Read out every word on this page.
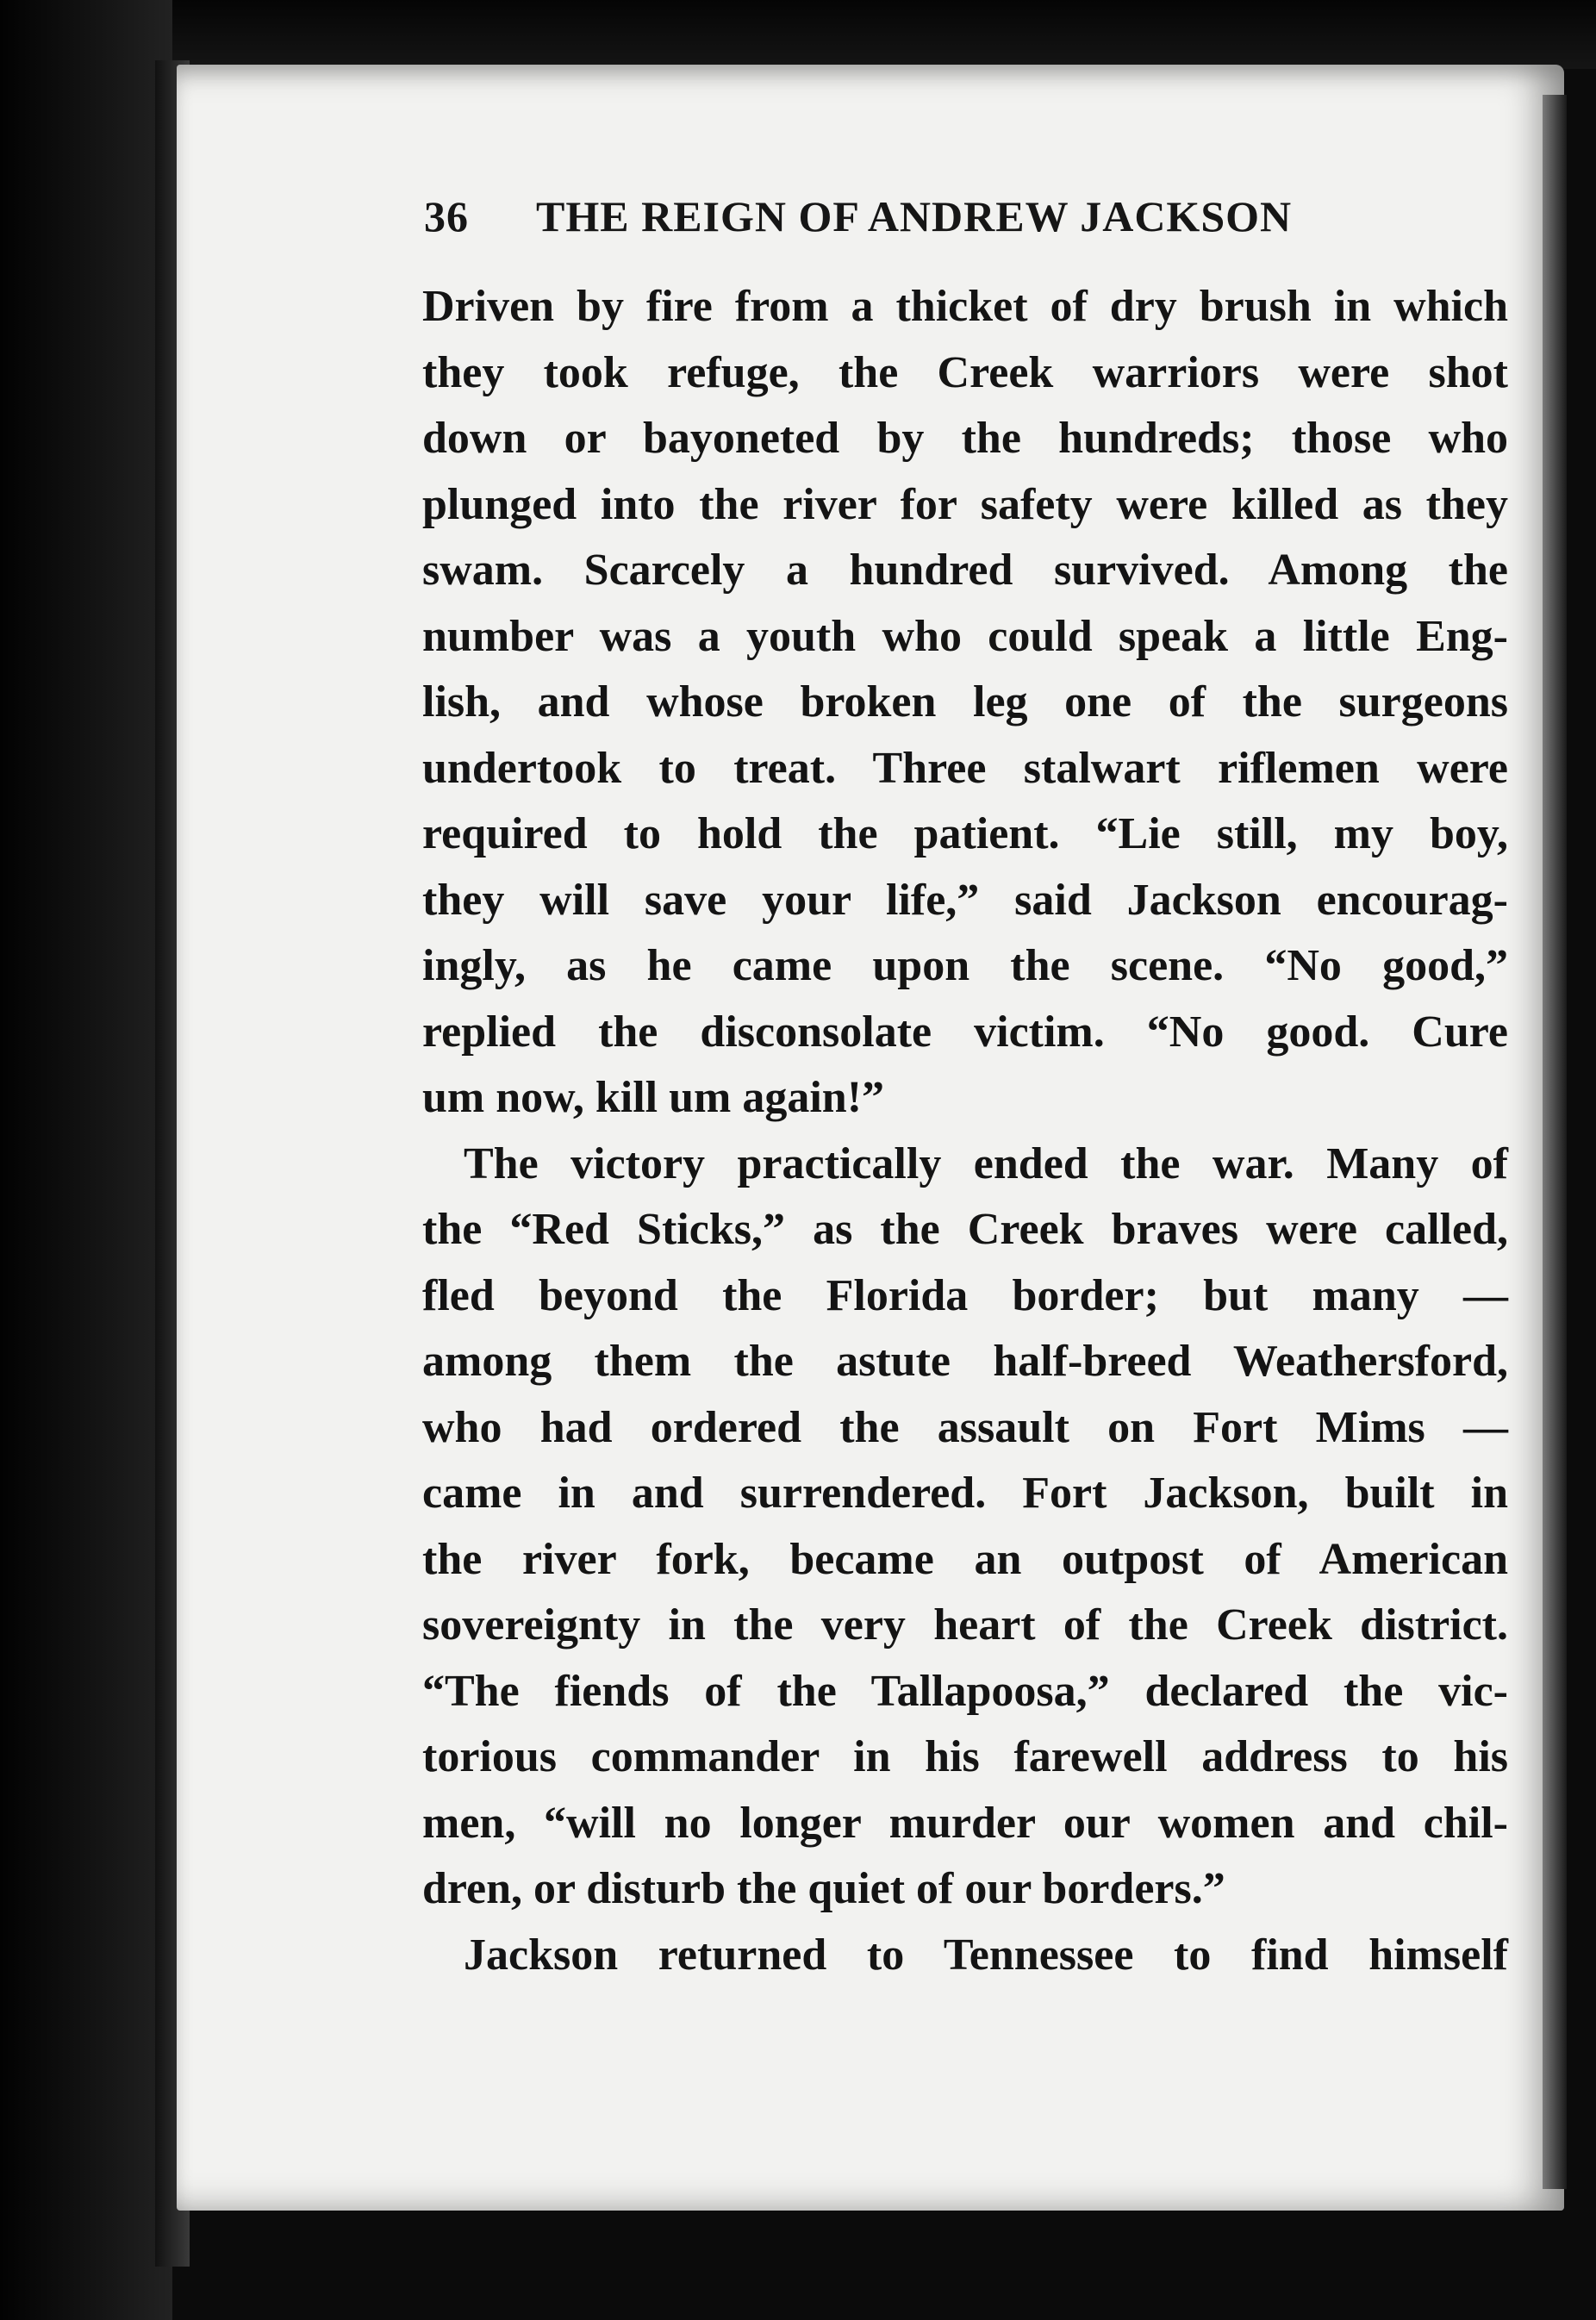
36 THE REIGN OF ANDREW JACKSON
Driven by fire from a thicket of dry brush in which
they took refuge, the Creek warriors were shot
down or bayoneted by the hundreds; those who
plunged into the river for safety were killed as they
swam. Scarcely a hundred survived. Among the
number was a youth who could speak a little Eng-
lish, and whose broken leg one of the surgeons
undertook to treat. Three stalwart riflemen were
required to hold the patient. “Lie still, my boy,
they will save your life,” said Jackson encourag-
ingly, as he came upon the scene. “No good,”
replied the disconsolate victim. “No good. Cure
um now, kill um again!”
The victory practically ended the war. Many of
the “Red Sticks,” as the Creek braves were called,
fled beyond the Florida border; but many —
among them the astute half-breed Weathersford,
who had ordered the assault on Fort Mims —
came in and surrendered. Fort Jackson, built in
the river fork, became an outpost of American
sovereignty in the very heart of the Creek district.
“The fiends of the Tallapoosa,” declared the vic-
torious commander in his farewell address to his
men, “will no longer murder our women and chil-
dren, or disturb the quiet of our borders.”
Jackson returned to Tennessee to find himself
